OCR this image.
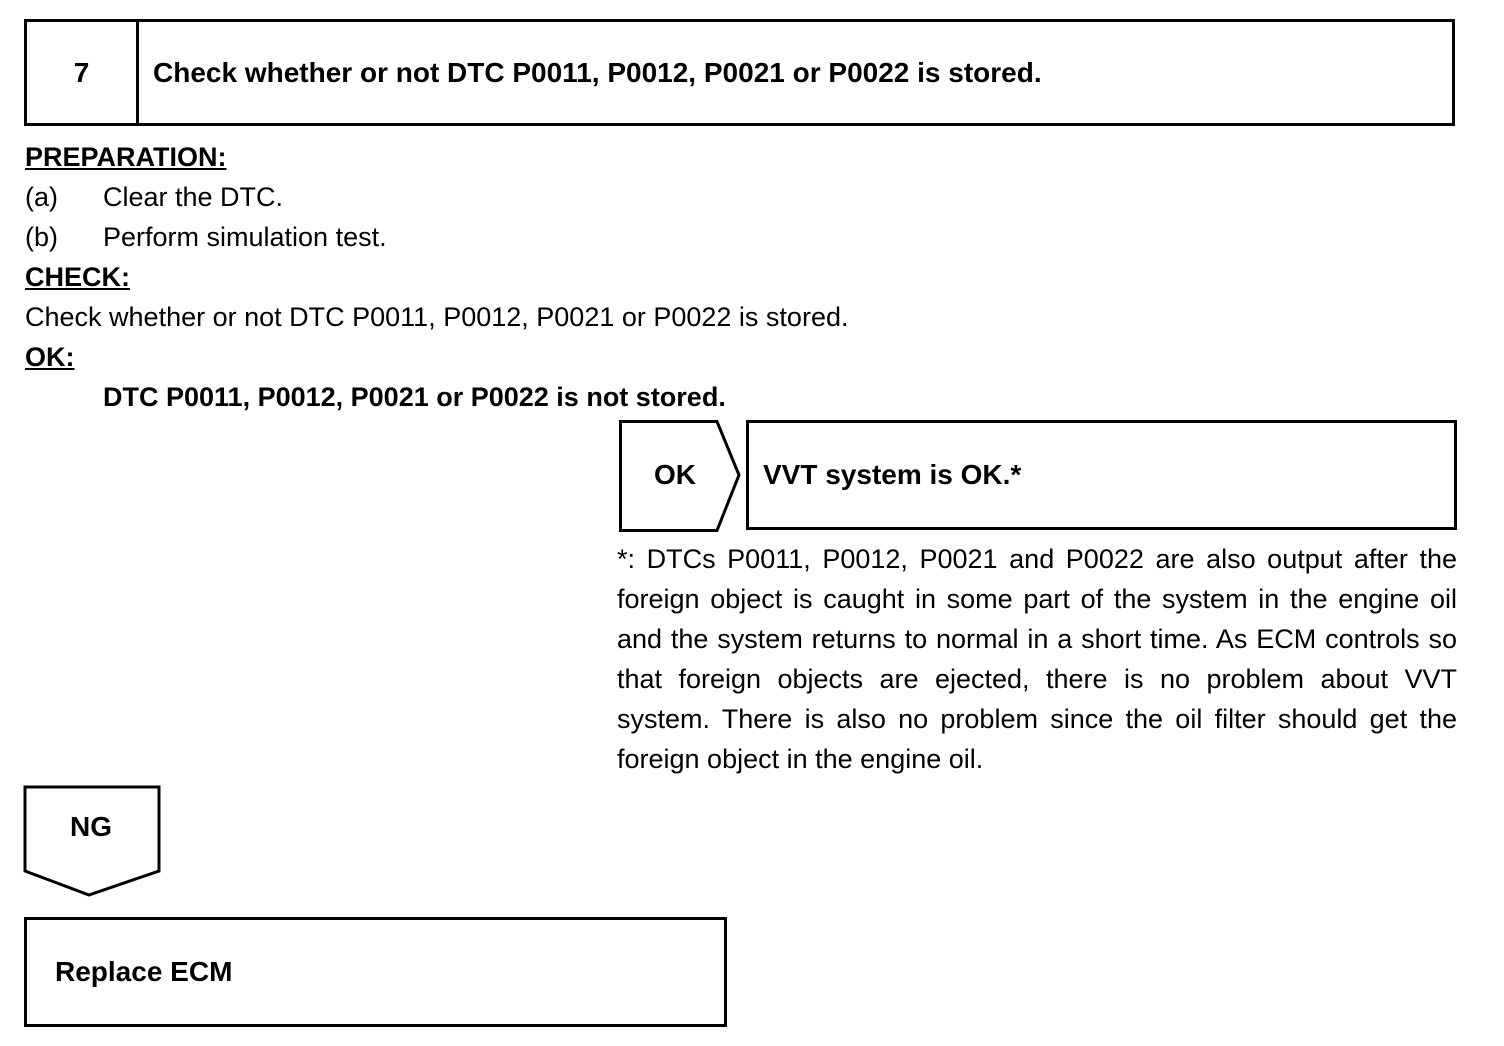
7	Check whether or not DTC P0011, P0012, P0021 or P0022 is stored.
PREPARATION:
(a) Clear the DTC.
(b) Perform simulation test.
CHECK:
Check whether or not DTC P0011, P0012, P0021 or P0022 is stored.
OK:
DTC P0011, P0012, P0021 or P0022 is not stored.
OK	VVT system is OK.*
*: DTCs P0011, P0012, P0021 and P0022 are also output after the foreign object is caught in some part of the system in the engine oil and the system returns to normal in a short time. As ECM controls so that foreign objects are ejected, there is no problem about VVT system. There is also no problem since the oil filter should get the foreign object in the engine oil.
NG
Replace ECM
